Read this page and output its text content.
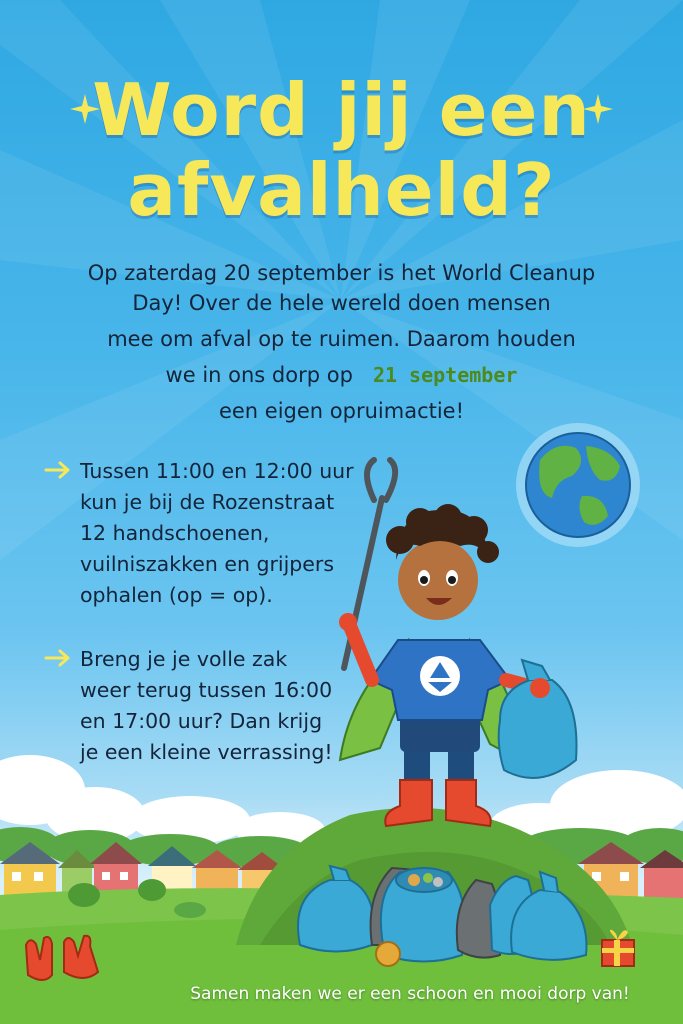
Word jij een
afvalheld?
Op zaterdag 20 september is het World Cleanup
Day! Over de hele wereld doen mensen
mee om afval op te ruimen. Daarom houden
we in ons dorp op 21 september
een eigen opruimactie!
Tussen 11:00 en 12:00 uur
kun je bij de Rozenstraat
12 handschoenen,
vuilniszakken en grijpers
ophalen (op = op).
Breng je je volle zak
weer terug tussen 16:00
en 17:00 uur? Dan krijg
je een kleine verrassing!

Samen maken we er een schoon en mooi dorp van!
